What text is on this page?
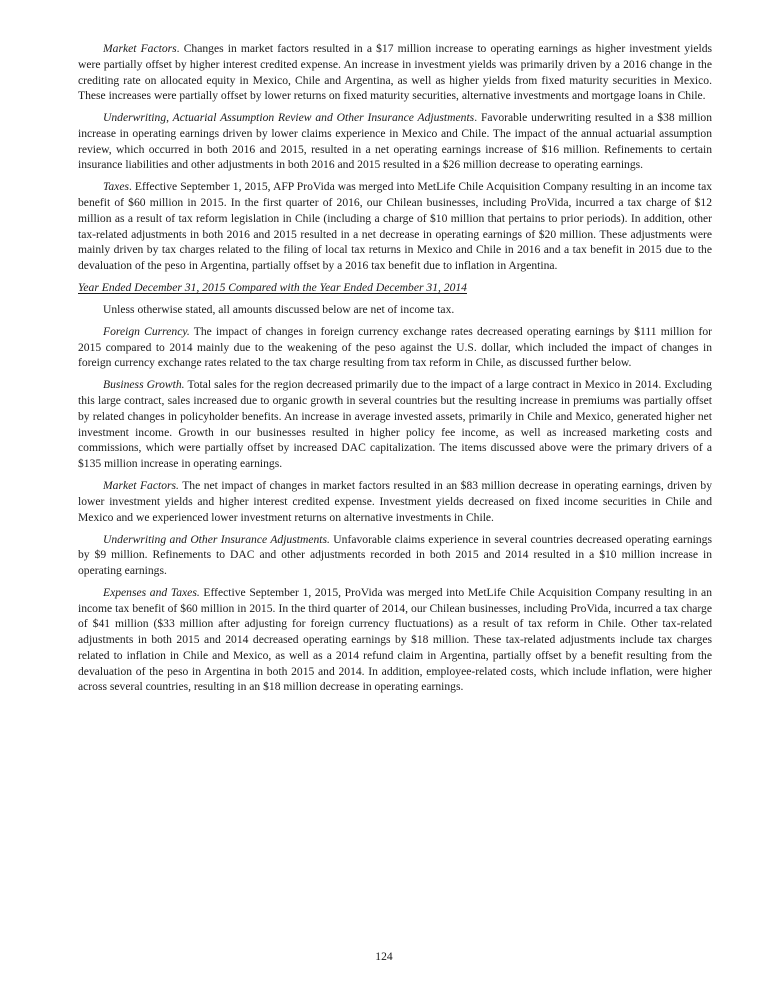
Market Factors. Changes in market factors resulted in a $17 million increase to operating earnings as higher investment yields were partially offset by higher interest credited expense. An increase in investment yields was primarily driven by a 2016 change in the crediting rate on allocated equity in Mexico, Chile and Argentina, as well as higher yields from fixed maturity securities in Mexico. These increases were partially offset by lower returns on fixed maturity securities, alternative investments and mortgage loans in Chile.

Underwriting, Actuarial Assumption Review and Other Insurance Adjustments. Favorable underwriting resulted in a $38 million increase in operating earnings driven by lower claims experience in Mexico and Chile. The impact of the annual actuarial assumption review, which occurred in both 2016 and 2015, resulted in a net operating earnings increase of $16 million. Refinements to certain insurance liabilities and other adjustments in both 2016 and 2015 resulted in a $26 million decrease to operating earnings.

Taxes. Effective September 1, 2015, AFP ProVida was merged into MetLife Chile Acquisition Company resulting in an income tax benefit of $60 million in 2015. In the first quarter of 2016, our Chilean businesses, including ProVida, incurred a tax charge of $12 million as a result of tax reform legislation in Chile (including a charge of $10 million that pertains to prior periods). In addition, other tax-related adjustments in both 2016 and 2015 resulted in a net decrease in operating earnings of $20 million. These adjustments were mainly driven by tax charges related to the filing of local tax returns in Mexico and Chile in 2016 and a tax benefit in 2015 due to the devaluation of the peso in Argentina, partially offset by a 2016 tax benefit due to inflation in Argentina.

Year Ended December 31, 2015 Compared with the Year Ended December 31, 2014

Unless otherwise stated, all amounts discussed below are net of income tax.

Foreign Currency. The impact of changes in foreign currency exchange rates decreased operating earnings by $111 million for 2015 compared to 2014 mainly due to the weakening of the peso against the U.S. dollar, which included the impact of changes in foreign currency exchange rates related to the tax charge resulting from tax reform in Chile, as discussed further below.

Business Growth. Total sales for the region decreased primarily due to the impact of a large contract in Mexico in 2014. Excluding this large contract, sales increased due to organic growth in several countries but the resulting increase in premiums was partially offset by related changes in policyholder benefits. An increase in average invested assets, primarily in Chile and Mexico, generated higher net investment income. Growth in our businesses resulted in higher policy fee income, as well as increased marketing costs and commissions, which were partially offset by increased DAC capitalization. The items discussed above were the primary drivers of a $135 million increase in operating earnings.

Market Factors. The net impact of changes in market factors resulted in an $83 million decrease in operating earnings, driven by lower investment yields and higher interest credited expense. Investment yields decreased on fixed income securities in Chile and Mexico and we experienced lower investment returns on alternative investments in Chile.

Underwriting and Other Insurance Adjustments. Unfavorable claims experience in several countries decreased operating earnings by $9 million. Refinements to DAC and other adjustments recorded in both 2015 and 2014 resulted in a $10 million increase in operating earnings.

Expenses and Taxes. Effective September 1, 2015, ProVida was merged into MetLife Chile Acquisition Company resulting in an income tax benefit of $60 million in 2015. In the third quarter of 2014, our Chilean businesses, including ProVida, incurred a tax charge of $41 million ($33 million after adjusting for foreign currency fluctuations) as a result of tax reform in Chile. Other tax-related adjustments in both 2015 and 2014 decreased operating earnings by $18 million. These tax-related adjustments include tax charges related to inflation in Chile and Mexico, as well as a 2014 refund claim in Argentina, partially offset by a benefit resulting from the devaluation of the peso in Argentina in both 2015 and 2014. In addition, employee-related costs, which include inflation, were higher across several countries, resulting in an $18 million decrease in operating earnings.

124
